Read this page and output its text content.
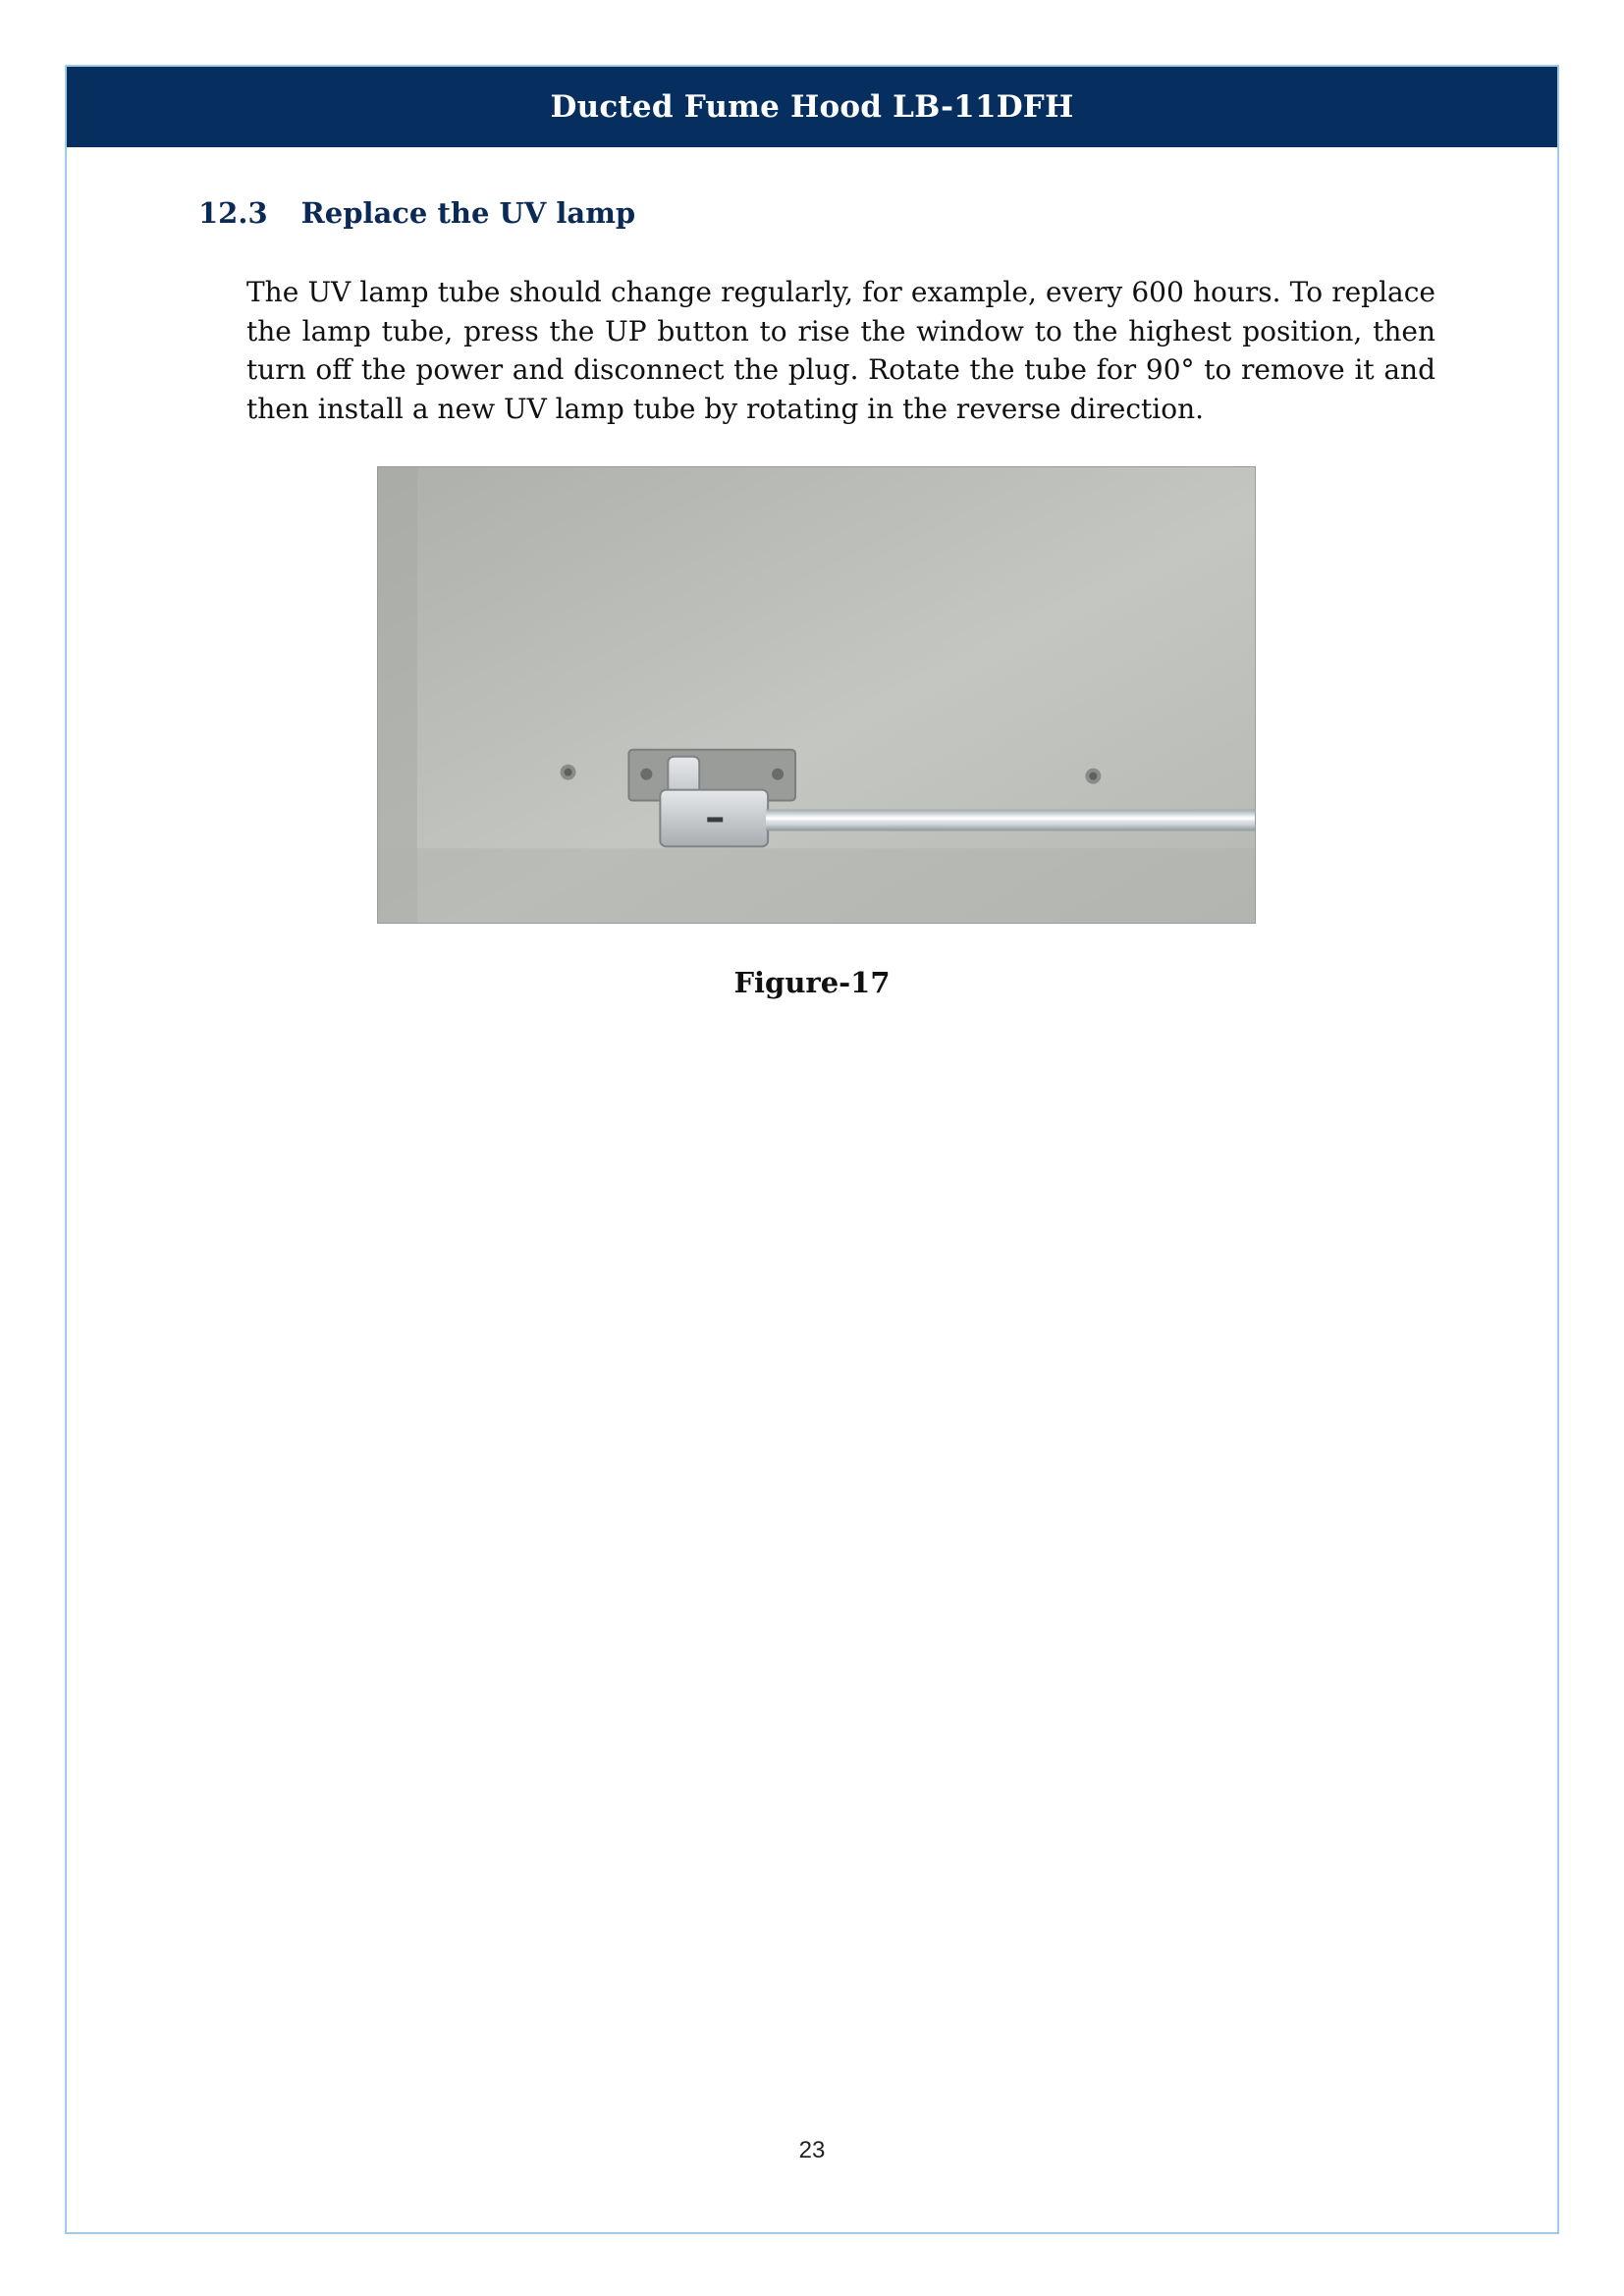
Ducted Fume Hood LB-11DFH
12.3 Replace the UV lamp
The UV lamp tube should change regularly, for example, every 600 hours. To replace the lamp tube, press the UP button to rise the window to the highest position, then turn off the power and disconnect the plug. Rotate the tube for 90° to remove it and then install a new UV lamp tube by rotating in the reverse direction.
Figure-17
23
